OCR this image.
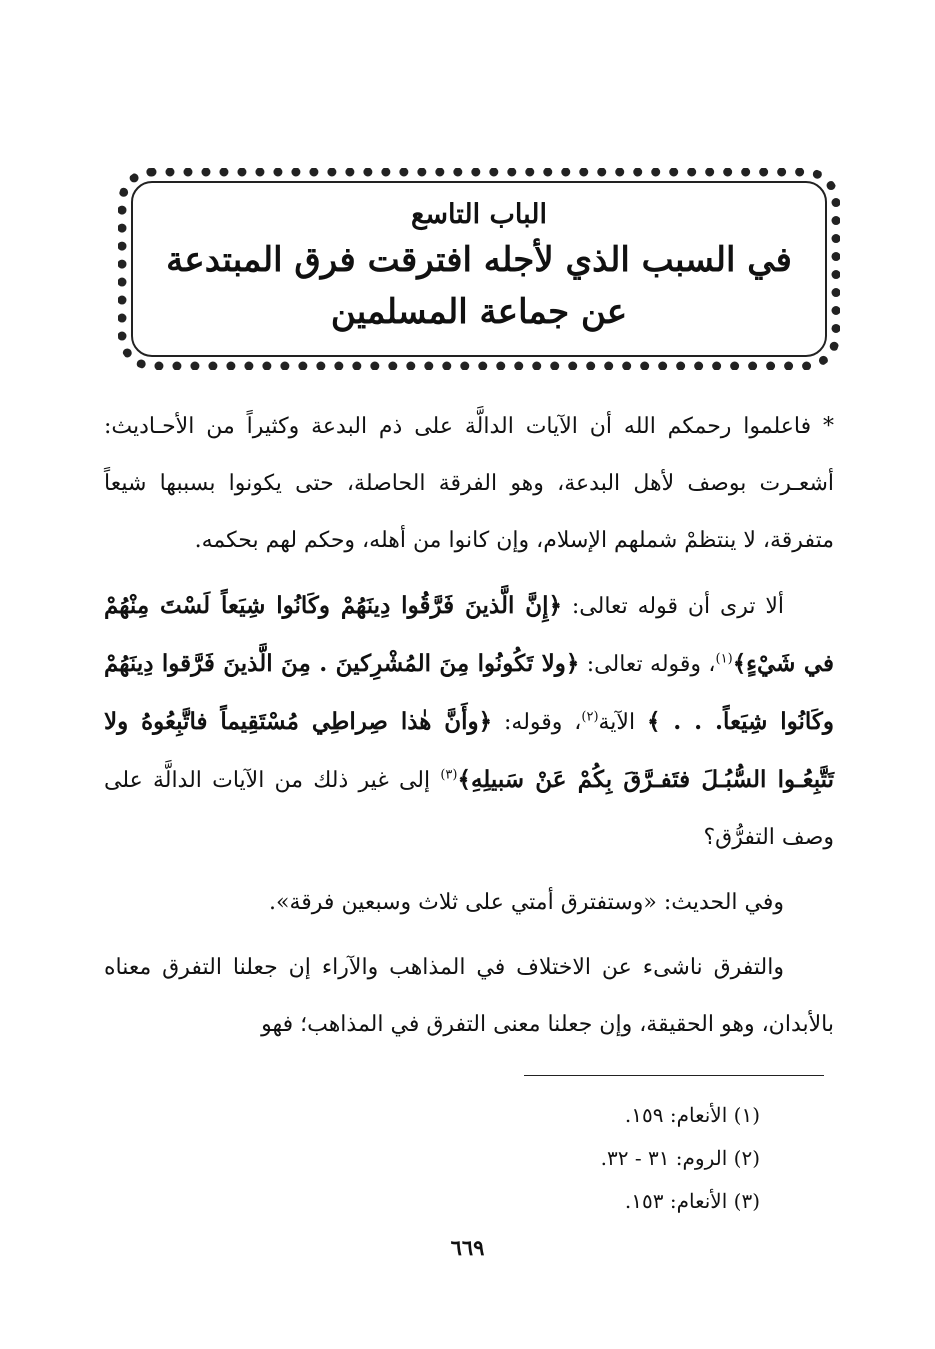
الباب التاسع
في السبب الذي لأجله افترقت فرق المبتدعة
عن جماعة المسلمين

* فاعلموا رحمكم الله أن الآيات الدالَّة على ذم البدعة وكثيراً من الأحـاديث: أشعـرت بوصف لأهل البدعة، وهو الفرقة الحاصلة، حتى يكونوا بسببها شيعاً متفرقة، لا ينتظمْ شملهم الإسلام، وإن كانوا من أهله، وحكم لهم بحكمه.

ألا ترى أن قوله تعالى: ﴿إِنَّ الَّذينَ فَرَّقُوا دِينَهُمْ وكَانُوا شِيَعاً لَسْتَ مِنْهُمْ في شَيْءٍ﴾$^{(١)}$، وقوله تعالى: ﴿ولا تَكُونُوا مِنَ المُشْرِكينَ . مِنَ الَّذينَ فَرَّقوا دِينَهُمْ وكَانُوا شِيَعاً. . . ﴾ الآية$^{(٢)}$، وقوله: ﴿وأَنَّ هٰذا صِراطِي مُسْتَقِيماً فاتَّبِعُوهُ ولا تَتَّبِعُـوا السُّبُـلَ فتَفـرَّقَ بِكُمْ عَنْ سَبيلِهِ﴾$^{(٣)}$ إلى غير ذلك من الآيات الدالَّة على وصف التفرُّق؟

وفي الحديث: «وستفترق أمتي على ثلاث وسبعين فرقة».

والتفرق ناشىء عن الاختلاف في المذاهب والآراء إن جعلنا التفرق معناه بالأبدان، وهو الحقيقة، وإن جعلنا معنى التفرق في المذاهب؛ فهو

(١) الأنعام: ١٥٩.
(٢) الروم: ٣١ - ٣٢.
(٣) الأنعام: ١٥٣.
٦٦٩
